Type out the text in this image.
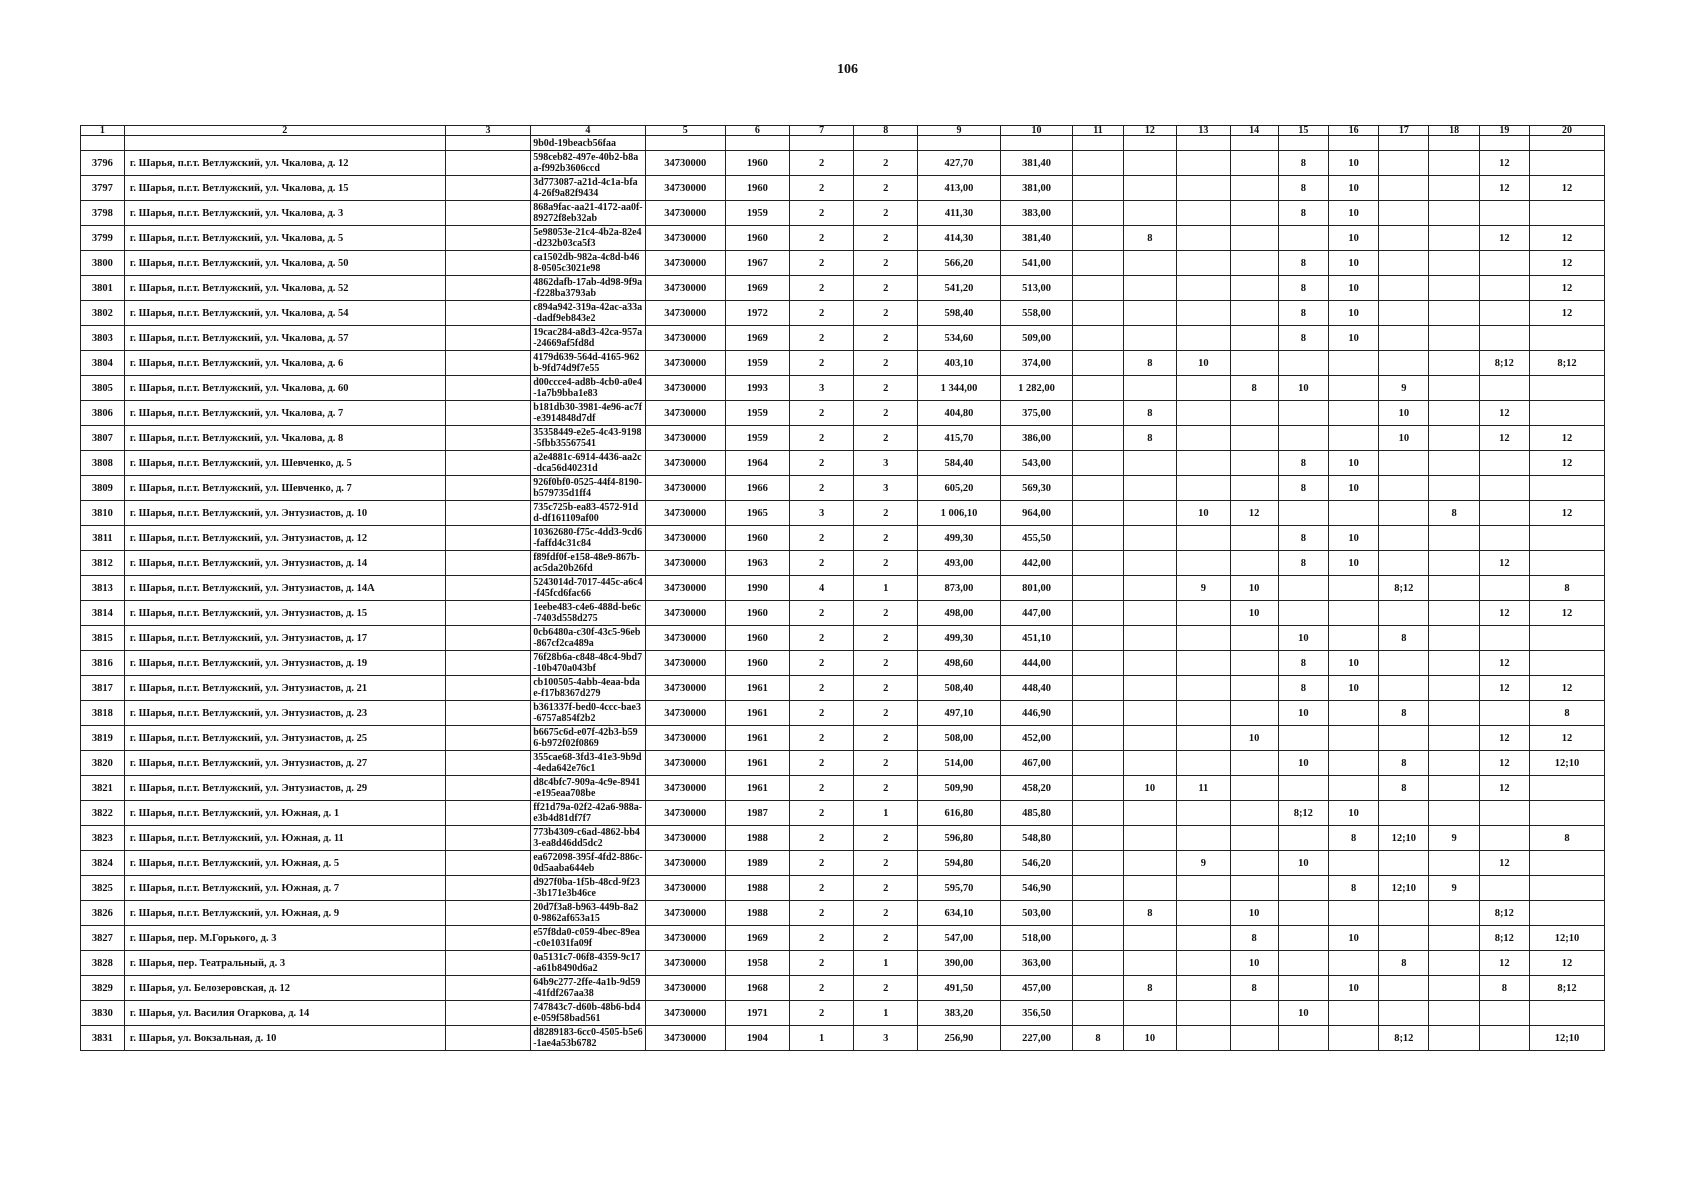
106
1	2	3	4	5	6	7	8	9	10	11	12	13	14	15	16	17	18	19	20
			9b0d-19beacb56faa																
3796	г. Шарья, п.г.т. Ветлужский, ул. Чкалова, д. 12		598ceb82-497e-40b2-b8aa-f992b3606ccd	34730000	1960	2	2	427,70	381,40					8	10			12	
3797	г. Шарья, п.г.т. Ветлужский, ул. Чкалова, д. 15		3d773087-a21d-4c1a-bfa4-26f9a82f9434	34730000	1960	2	2	413,00	381,00					8	10			12	12
3798	г. Шарья, п.г.т. Ветлужский, ул. Чкалова, д. 3		868a9fac-aa21-4172-aa0f-89272f8eb32ab	34730000	1959	2	2	411,30	383,00					8	10				
3799	г. Шарья, п.г.т. Ветлужский, ул. Чкалова, д. 5		5e98053e-21c4-4b2a-82e4-d232b03ca5f3	34730000	1960	2	2	414,30	381,40		8				10			12	12
3800	г. Шарья, п.г.т. Ветлужский, ул. Чкалова, д. 50		ca1502db-982a-4c8d-b468-0505c3021e98	34730000	1967	2	2	566,20	541,00					8	10				12
3801	г. Шарья, п.г.т. Ветлужский, ул. Чкалова, д. 52		4862dafb-17ab-4d98-9f9a-f228ba3793ab	34730000	1969	2	2	541,20	513,00					8	10				12
3802	г. Шарья, п.г.т. Ветлужский, ул. Чкалова, д. 54		c894a942-319a-42ac-a33a-dadf9eb843e2	34730000	1972	2	2	598,40	558,00					8	10				12
3803	г. Шарья, п.г.т. Ветлужский, ул. Чкалова, д. 57		19cac284-a8d3-42ca-957a-24669af5fd8d	34730000	1969	2	2	534,60	509,00					8	10				
3804	г. Шарья, п.г.т. Ветлужский, ул. Чкалова, д. 6		4179d639-564d-4165-962b-9fd74d9f7e55	34730000	1959	2	2	403,10	374,00		8	10						8;12	8;12
3805	г. Шарья, п.г.т. Ветлужский, ул. Чкалова, д. 60		d00ccce4-ad8b-4cb0-a0e4-1a7b9bba1e83	34730000	1993	3	2	1 344,00	1 282,00				8	10		9			
3806	г. Шарья, п.г.т. Ветлужский, ул. Чкалова, д. 7		b181db30-3981-4e96-ac7f-e3914848d7df	34730000	1959	2	2	404,80	375,00		8					10		12	
3807	г. Шарья, п.г.т. Ветлужский, ул. Чкалова, д. 8		35358449-e2e5-4c43-9198-5fbb35567541	34730000	1959	2	2	415,70	386,00		8					10		12	12
3808	г. Шарья, п.г.т. Ветлужский, ул. Шевченко, д. 5		a2e4881c-6914-4436-aa2c-dca56d40231d	34730000	1964	2	3	584,40	543,00					8	10				12
3809	г. Шарья, п.г.т. Ветлужский, ул. Шевченко, д. 7		926f0bf0-0525-44f4-8190-b579735d1ff4	34730000	1966	2	3	605,20	569,30					8	10				
3810	г. Шарья, п.г.т. Ветлужский, ул. Энтузиастов, д. 10		735c725b-ea83-4572-91dd-df161109af00	34730000	1965	3	2	1 006,10	964,00			10	12				8		12
3811	г. Шарья, п.г.т. Ветлужский, ул. Энтузиастов, д. 12		10362680-f75c-4dd3-9cd6-faffd4c31c84	34730000	1960	2	2	499,30	455,50					8	10				
3812	г. Шарья, п.г.т. Ветлужский, ул. Энтузиастов, д. 14		f89fdf0f-e158-48e9-867b-ac5da20b26fd	34730000	1963	2	2	493,00	442,00					8	10			12	
3813	г. Шарья, п.г.т. Ветлужский, ул. Энтузиастов, д. 14А		5243014d-7017-445c-a6c4-f45fcd6fac66	34730000	1990	4	1	873,00	801,00			9	10			8;12			8
3814	г. Шарья, п.г.т. Ветлужский, ул. Энтузиастов, д. 15		1eebe483-c4e6-488d-be6c-7403d558d275	34730000	1960	2	2	498,00	447,00				10					12	12
3815	г. Шарья, п.г.т. Ветлужский, ул. Энтузиастов, д. 17		0cb6480a-c30f-43c5-96eb-867cf2ca489a	34730000	1960	2	2	499,30	451,10					10		8			
3816	г. Шарья, п.г.т. Ветлужский, ул. Энтузиастов, д. 19		76f28b6a-c848-48c4-9bd7-10b470a043bf	34730000	1960	2	2	498,60	444,00					8	10			12	
3817	г. Шарья, п.г.т. Ветлужский, ул. Энтузиастов, д. 21		cb100505-4abb-4eaa-bdae-f17b8367d279	34730000	1961	2	2	508,40	448,40					8	10			12	12
3818	г. Шарья, п.г.т. Ветлужский, ул. Энтузиастов, д. 23		b361337f-bed0-4ccc-bae3-6757a854f2b2	34730000	1961	2	2	497,10	446,90					10		8			8
3819	г. Шарья, п.г.т. Ветлужский, ул. Энтузиастов, д. 25		b6675c6d-e07f-42b3-b596-b972f02f0869	34730000	1961	2	2	508,00	452,00				10					12	12
3820	г. Шарья, п.г.т. Ветлужский, ул. Энтузиастов, д. 27		355cae68-3fd3-41e3-9b9d-4eda642e76c1	34730000	1961	2	2	514,00	467,00					10		8		12	12;10
3821	г. Шарья, п.г.т. Ветлужский, ул. Энтузиастов, д. 29		d8c4bfc7-909a-4c9e-8941-e195eaa708be	34730000	1961	2	2	509,90	458,20		10	11				8		12	
3822	г. Шарья, п.г.т. Ветлужский, ул. Южная, д. 1		ff21d79a-02f2-42a6-988a-e3b4d81df7f7	34730000	1987	2	1	616,80	485,80					8;12	10				
3823	г. Шарья, п.г.т. Ветлужский, ул. Южная, д. 11		773b4309-c6ad-4862-bb43-ea8d46dd5dc2	34730000	1988	2	2	596,80	548,80						8	12;10	9		8
3824	г. Шарья, п.г.т. Ветлужский, ул. Южная, д. 5		ea672098-395f-4fd2-886c-0d5aaba644eb	34730000	1989	2	2	594,80	546,20			9		10				12	
3825	г. Шарья, п.г.т. Ветлужский, ул. Южная, д. 7		d927f0ba-1f5b-48cd-9f23-3b171e3b46ce	34730000	1988	2	2	595,70	546,90						8	12;10	9		
3826	г. Шарья, п.г.т. Ветлужский, ул. Южная, д. 9		20d7f3a8-b963-449b-8a20-9862af653a15	34730000	1988	2	2	634,10	503,00		8		10					8;12	
3827	г. Шарья, пер. М.Горького, д. 3		e57f8da0-c059-4bec-89ea-c0e1031fa09f	34730000	1969	2	2	547,00	518,00				8		10			8;12	12;10
3828	г. Шарья, пер. Театральный, д. 3		0a5131c7-06f8-4359-9c17-a61b8490d6a2	34730000	1958	2	1	390,00	363,00				10			8		12	12
3829	г. Шарья, ул. Белозеровская, д. 12		64b9c277-2ffe-4a1b-9d59-41fdf267aa38	34730000	1968	2	2	491,50	457,00		8		8		10			8	8;12
3830	г. Шарья, ул. Василия Огаркова, д. 14		747843c7-d60b-48b6-bd4e-059f58bad561	34730000	1971	2	1	383,20	356,50					10					
3831	г. Шарья, ул. Вокзальная, д. 10		d8289183-6cc0-4505-b5e6-1ae4a53b6782	34730000	1904	1	3	256,90	227,00	8	10					8;12			12;10
